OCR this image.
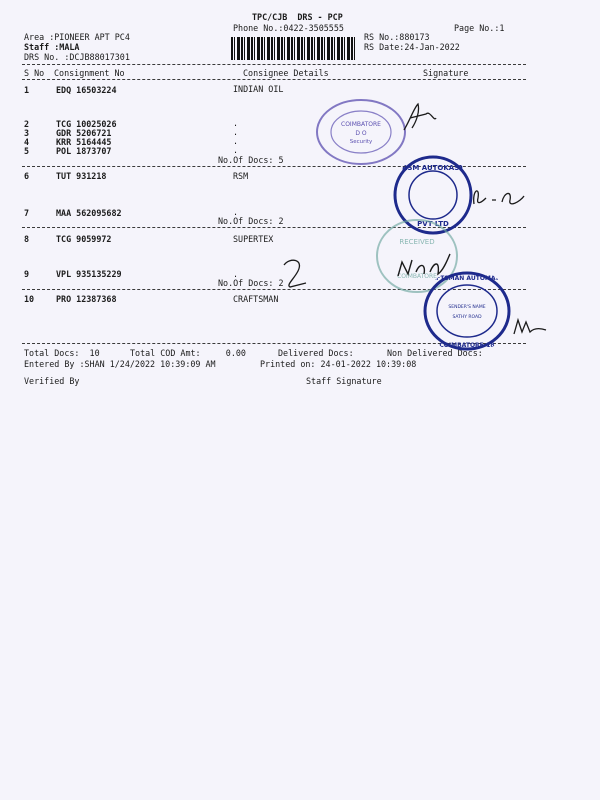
TPC/CJB  DRS - PCP
Phone No.:0422-3505555	Page No.:1
Area :PIONEER APT PC4
Staff :MALA
DRS No. :DCJB88017301
RS No.:880173
RS Date:24-Jan-2022
S No Consignment No	Consignee Details	Signature
1	EDQ 16503224	INDIAN OIL
2	TCG 10025026	.
3	GDR 5206721	.
4	KRR 5164445	.
5	POL 1873707	.
No.Of Docs: 5
6	TUT 931218	RSM
7	MAA 562095682	.
No.Of Docs: 2
8	TCG 9059972	SUPERTEX
9	VPL 935135229	.
No.Of Docs: 2
10	PRO 12387368	CRAFTSMAN
Total Docs:  10	Total COD Amt:     0.00	Delivered Docs:	Non Delivered Docs:
Entered By :SHAN 1/24/2022 10:39:09 AM	Printed on: 24-01-2022 10:39:08
Verified By	Staff Signature
COIMBATORE
D O
Security
RSM AUTOKAST
PVT LTD
RECEIVED
COIMBATORE
CRAFTSMAN AUTOMATION
SENDER'S NAME
SATHY ROAD
COIMBATORE-18
